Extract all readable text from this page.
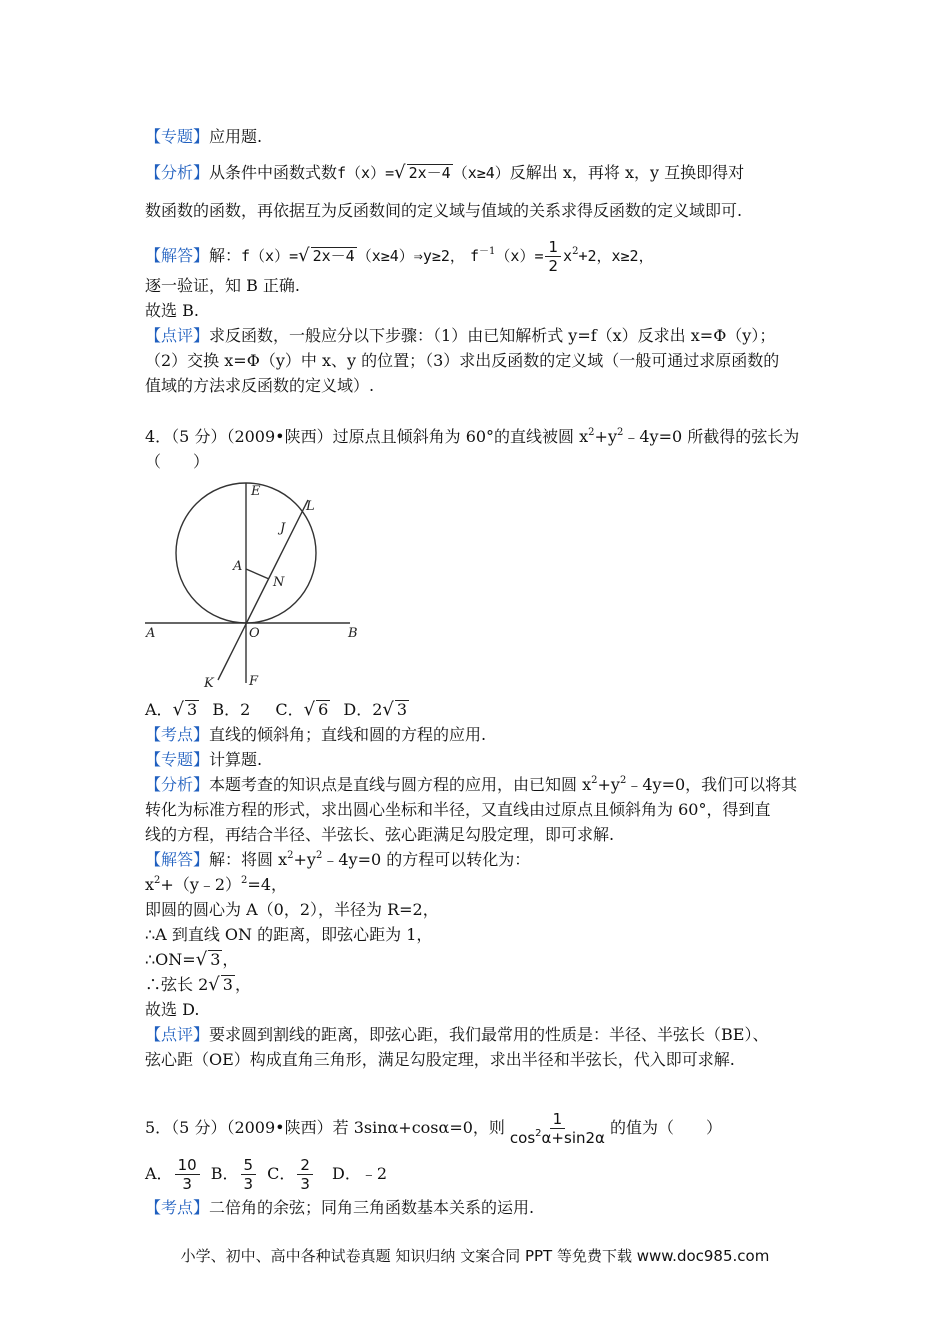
【专题】应用题.
【分析】从条件中函数式数f（x）=√ 2x－4 （x≥4）反解出 x，再将 x，y 互换即得对
数函数的函数，再依据互为反函数间的定义域与值域的关系求得反函数的定义域即可.
【解答】解：f（x）=√ 2x－4 （x≥4）⇒y≥2， $f^{-1}(x)= \frac{1}{2} x^2+2$，x≥2，
逐一验证，知 B 正确.
故选 B.
【点评】求反函数，一般应分以下步骤：（1）由已知解析式 y=f（x）反求出 x=Φ（y）；
（2）交换 x=Φ（y）中 x、y 的位置；（3）求出反函数的定义域（一般可通过求原函数的
值域的方法求反函数的定义域）.
4．（5 分）（2009•陕西）过原点且倾斜角为 60°的直线被圆 $x^2+y^2﹣4y=0$ 所截得的弦长为
（　　）
E
L
J
A
N
A	O	B
K	F
A．√ 3 B．2 C．√ 6 D．2√ 3
【考点】直线的倾斜角；直线和圆的方程的应用.
【专题】计算题.
【分析】本题考查的知识点是直线与圆方程的应用，由已知圆 $x^2+y^2﹣4y=0$，我们可以将其
转化为标准方程的形式，求出圆心坐标和半径，又直线由过原点且倾斜角为 60°，得到直
线的方程，再结合半径、半弦长、弦心距满足勾股定理，即可求解.
【解答】解：将圆 $x^2+y^2﹣4y=0$ 的方程可以转化为：
$x^2+(y﹣2)^2=4$，
即圆的圆心为 A（0，2），半径为 R=2，
∴A 到直线 ON 的距离，即弦心距为 1，
∴ON=√ 3 ，
∴弦长 2√ 3 ，
故选 D.
【点评】要求圆到割线的距离，即弦心距，我们最常用的性质是：半径、半弦长（BE）、
弦心距（OE）构成直角三角形，满足勾股定理，求出半径和半弦长，代入即可求解.
5．（5 分）（2009•陕西）若 3sinα+cosα=0，则 $\frac{1}{\cos^2\alpha+\sin 2\alpha}$ 的值为（　　）
A． $\frac{10}{3}$ B． $\frac{5}{3}$ C． $\frac{2}{3}$ D．﹣2
【考点】二倍角的余弦；同角三角函数基本关系的运用.
小学、初中、高中各种试卷真题 知识归纳 文案合同 PPT 等免费下载 www.doc985.com
